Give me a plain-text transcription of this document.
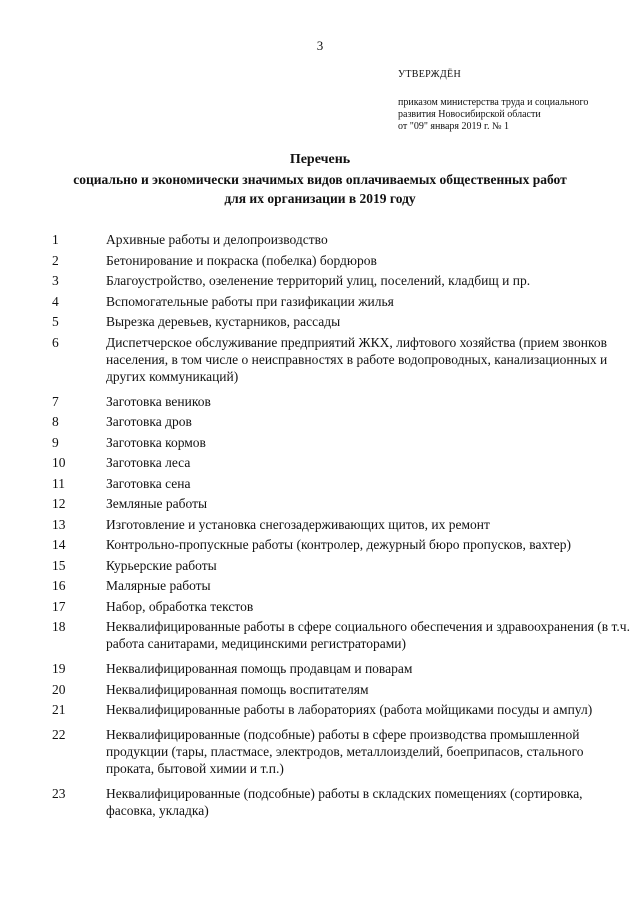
3
УТВЕРЖДЁН
приказом министерства труда и социального
развития Новосибирской области
от "09" января 2019 г. № 1
Перечень
социально и экономически значимых видов оплачиваемых общественных работ
для их организации в 2019 году
1	Архивные работы и делопроизводство
2	Бетонирование и покраска (побелка) бордюров
3	Благоустройство, озеленение территорий улиц, поселений, кладбищ и пр.
4	Вспомогательные работы при газификации жилья
5	Вырезка деревьев, кустарников, рассады
6	Диспетчерское обслуживание предприятий ЖКХ, лифтового хозяйства (прием звонков населения, в том числе о неисправностях в работе водопроводных, канализационных и других коммуникаций)
7	Заготовка веников
8	Заготовка дров
9	Заготовка кормов
10	Заготовка леса
11	Заготовка сена
12	Земляные работы
13	Изготовление и установка снегозадерживающих щитов, их ремонт
14	Контрольно-пропускные работы (контролер, дежурный бюро пропусков, вахтер)
15	Курьерские работы
16	Малярные работы
17	Набор, обработка текстов
18	Неквалифицированные работы в сфере социального обеспечения и здравоохранения (в т.ч. работа санитарами, медицинскими регистраторами)
19	Неквалифицированная помощь продавцам и поварам
20	Неквалифицированная помощь воспитателям
21	Неквалифицированные работы в лабораториях (работа мойщиками посуды и ампул)
22	Неквалифицированные (подсобные) работы в сфере производства промышленной продукции (тары, пластмасе, электродов, металлоизделий, боеприпасов, стального проката, бытовой химии и т.п.)
23	Неквалифицированные (подсобные) работы в складских помещениях (сортировка, фасовка, укладка)
